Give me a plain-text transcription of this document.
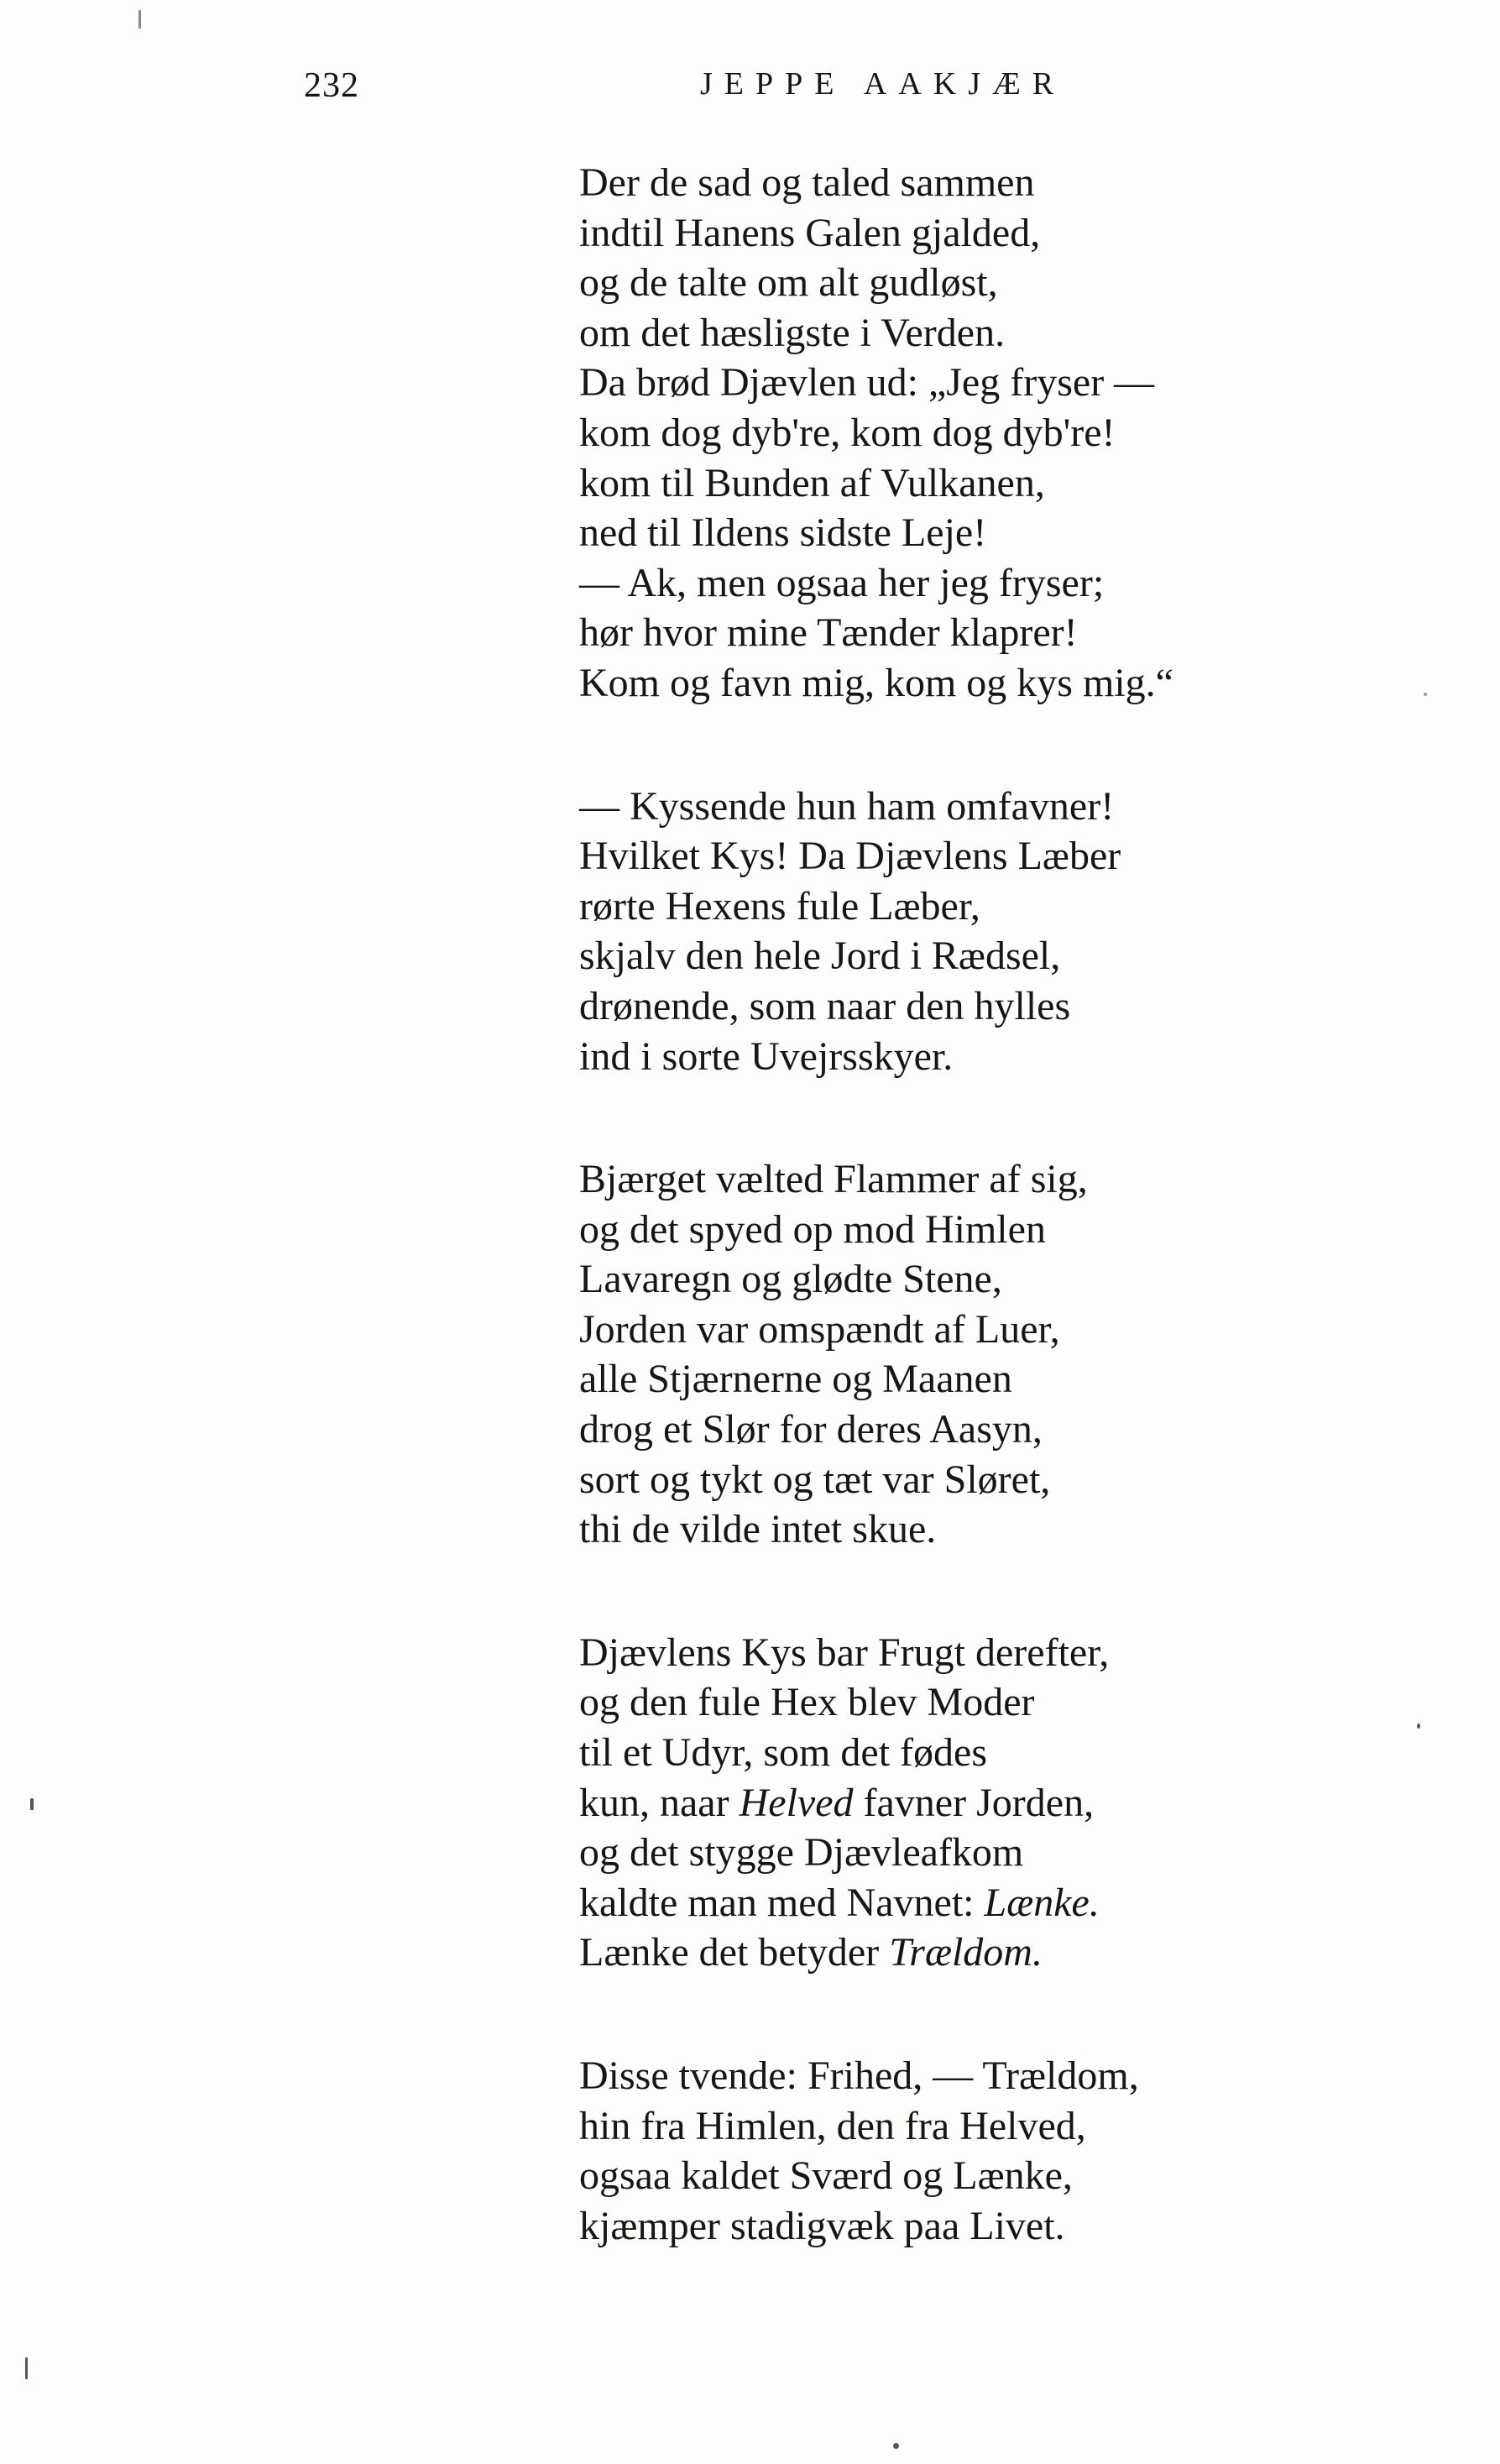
232	JEPPE AAKJÆR
Der de sad og taled sammen
indtil Hanens Galen gjalded,
og de talte om alt gudløst,
om det hæsligste i Verden.
Da brød Djævlen ud: „Jeg fryser —
kom dog dyb're, kom dog dyb're!
kom til Bunden af Vulkanen,
ned til Ildens sidste Leje!
— Ak, men ogsaa her jeg fryser;
hør hvor mine Tænder klaprer!
Kom og favn mig, kom og kys mig.“
— Kyssende hun ham omfavner!
Hvilket Kys! Da Djævlens Læber
rørte Hexens fule Læber,
skjalv den hele Jord i Rædsel,
drønende, som naar den hylles
ind i sorte Uvejrsskyer.
Bjærget vælted Flammer af sig,
og det spyed op mod Himlen
Lavaregn og glødte Stene,
Jorden var omspændt af Luer,
alle Stjærnerne og Maanen
drog et Slør for deres Aasyn,
sort og tykt og tæt var Sløret,
thi de vilde intet skue.
Djævlens Kys bar Frugt derefter,
og den fule Hex blev Moder
til et Udyr, som det fødes
kun, naar Helved favner Jorden,
og det stygge Djævleafkom
kaldte man med Navnet: Lænke.
Lænke det betyder Trældom.
Disse tvende: Frihed, — Trældom,
hin fra Himlen, den fra Helved,
ogsaa kaldet Sværd og Lænke,
kjæmper stadigvæk paa Livet.
